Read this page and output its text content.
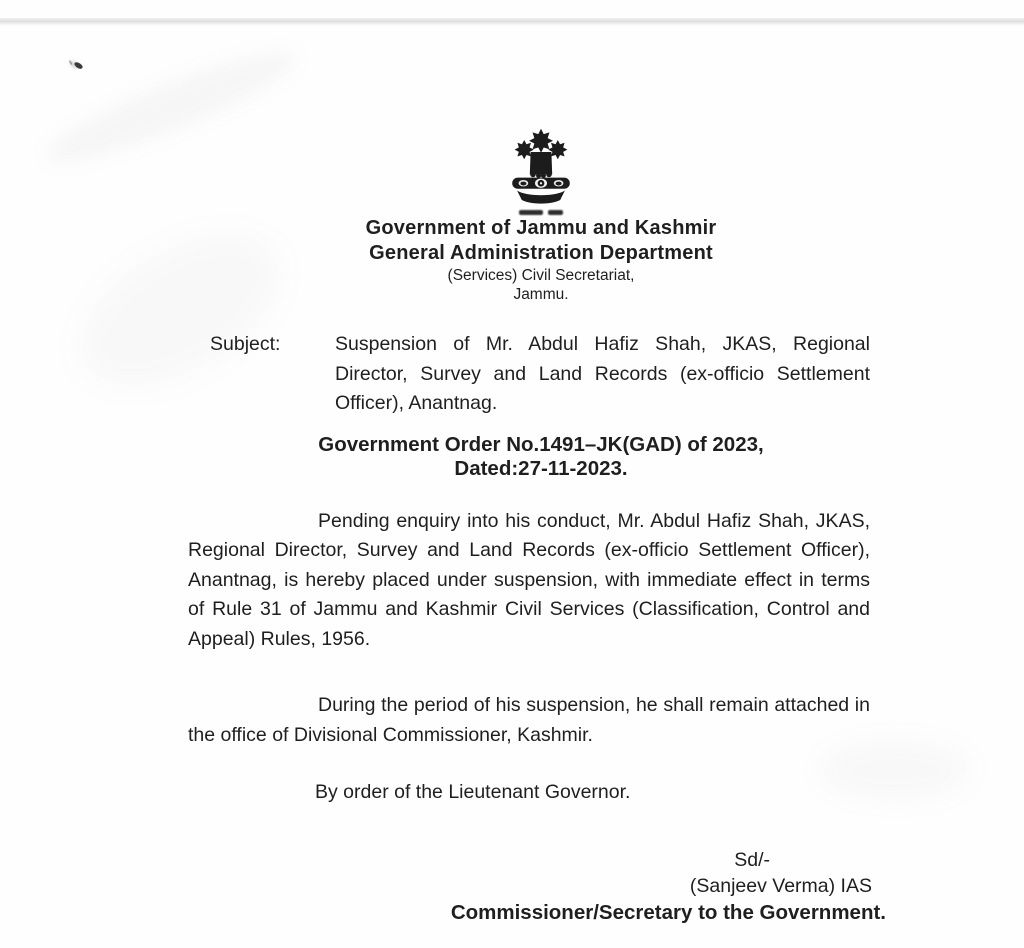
Government of Jammu and Kashmir
General Administration Department
(Services) Civil Secretariat,
Jammu.
Subject:	Suspension of Mr. Abdul Hafiz Shah, JKAS, Regional Director, Survey and Land Records (ex-officio Settlement Officer), Anantnag.
Government Order No.1491–JK(GAD) of 2023,
Dated:27-11-2023.

Pending enquiry into his conduct, Mr. Abdul Hafiz Shah, JKAS, Regional Director, Survey and Land Records (ex-officio Settlement Officer), Anantnag, is hereby placed under suspension, with immediate effect in terms of Rule 31 of Jammu and Kashmir Civil Services (Classification, Control and Appeal) Rules, 1956.

During the period of his suspension, he shall remain attached in the office of Divisional Commissioner, Kashmir.

By order of the Lieutenant Governor.

Sd/-
(Sanjeev Verma) IAS
Commissioner/Secretary to the Government.
